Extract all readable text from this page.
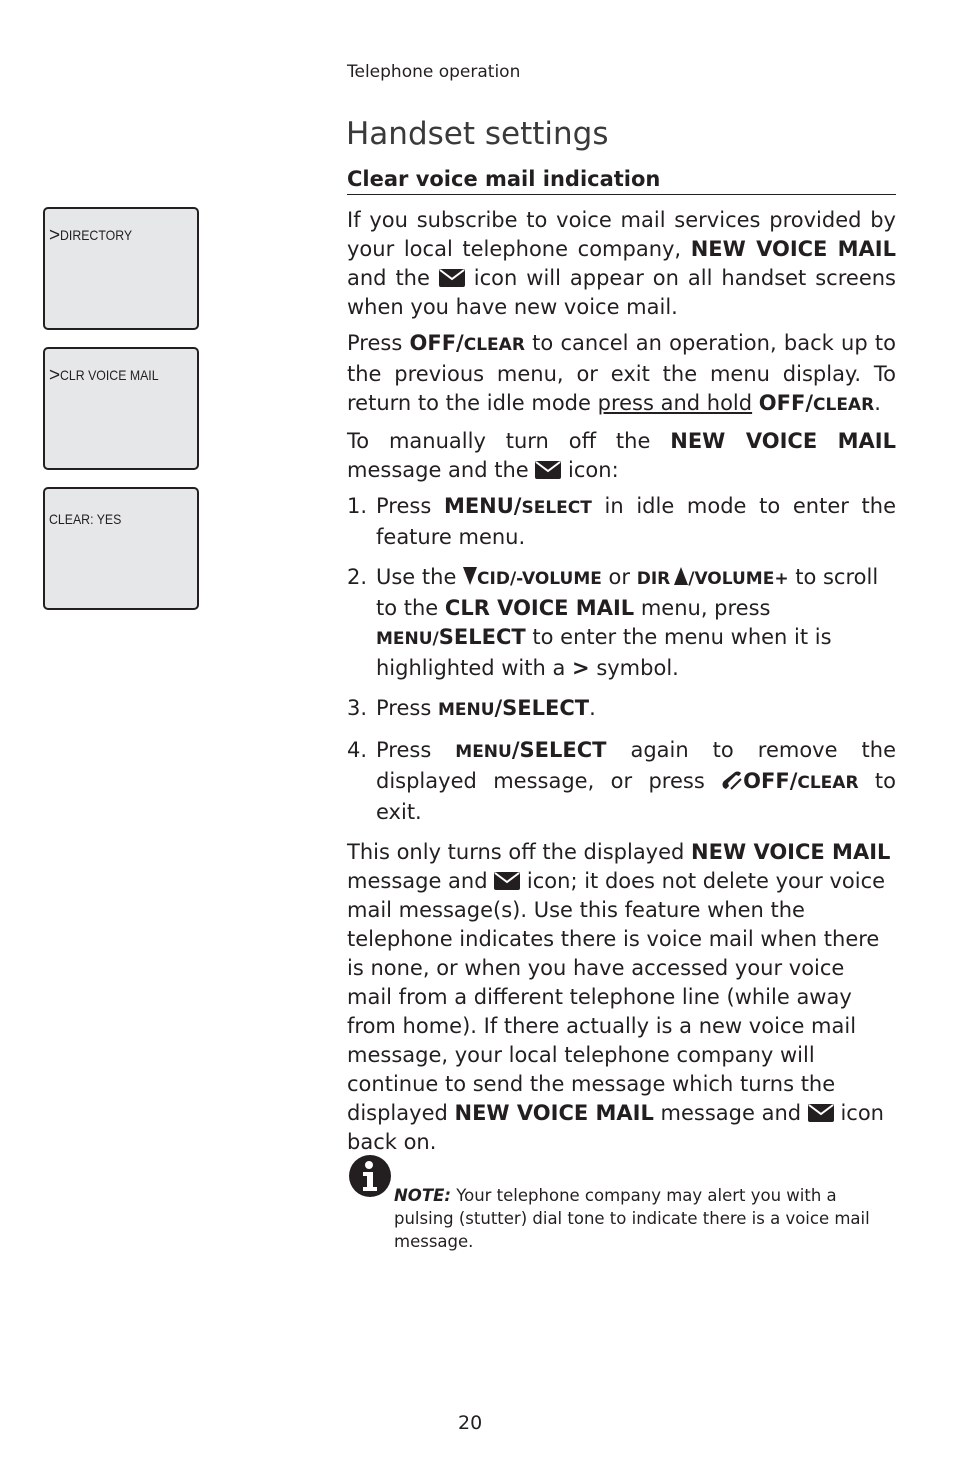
Telephone operation
Handset settings
Clear voice mail indication

If you subscribe to voice mail services provided by your local telephone company, NEW VOICE MAIL and the
icon will appear on all handset screens when you have new voice mail.

Press OFF/CLEAR to cancel an operation, back up to the previous menu, or exit the menu display. To return to the idle mode press and hold OFF/CLEAR.

To manually turn off the NEW VOICE MAIL message and the
icon:

1. Press MENU/SELECT in idle mode to enter the feature menu.
2. Use the
CID/-VOLUME or DIR /VOLUME+ to scroll to the CLR VOICE MAIL menu, press MENU/SELECT to enter the menu when it is highlighted with a > symbol.
3. Press MENU/SELECT.
4. Press MENU/SELECT again to remove the displayed message, or press
OFF/CLEAR to exit.

This only turns off the displayed NEW VOICE MAIL message and
icon; it does not delete your voice mail message(s). Use this feature when the telephone indicates there is voice mail when there is none, or when you have accessed your voice mail from a different telephone line (while away from home). If there actually is a new voice mail message, your local telephone company will continue to send the message which turns the displayed NEW VOICE MAIL message and
icon back on.

NOTE: Your telephone company may alert you with a pulsing (stutter) dial tone to indicate there is a voice mail message.
>DIRECTORY
>CLR VOICE MAIL
CLEAR: YES
20
